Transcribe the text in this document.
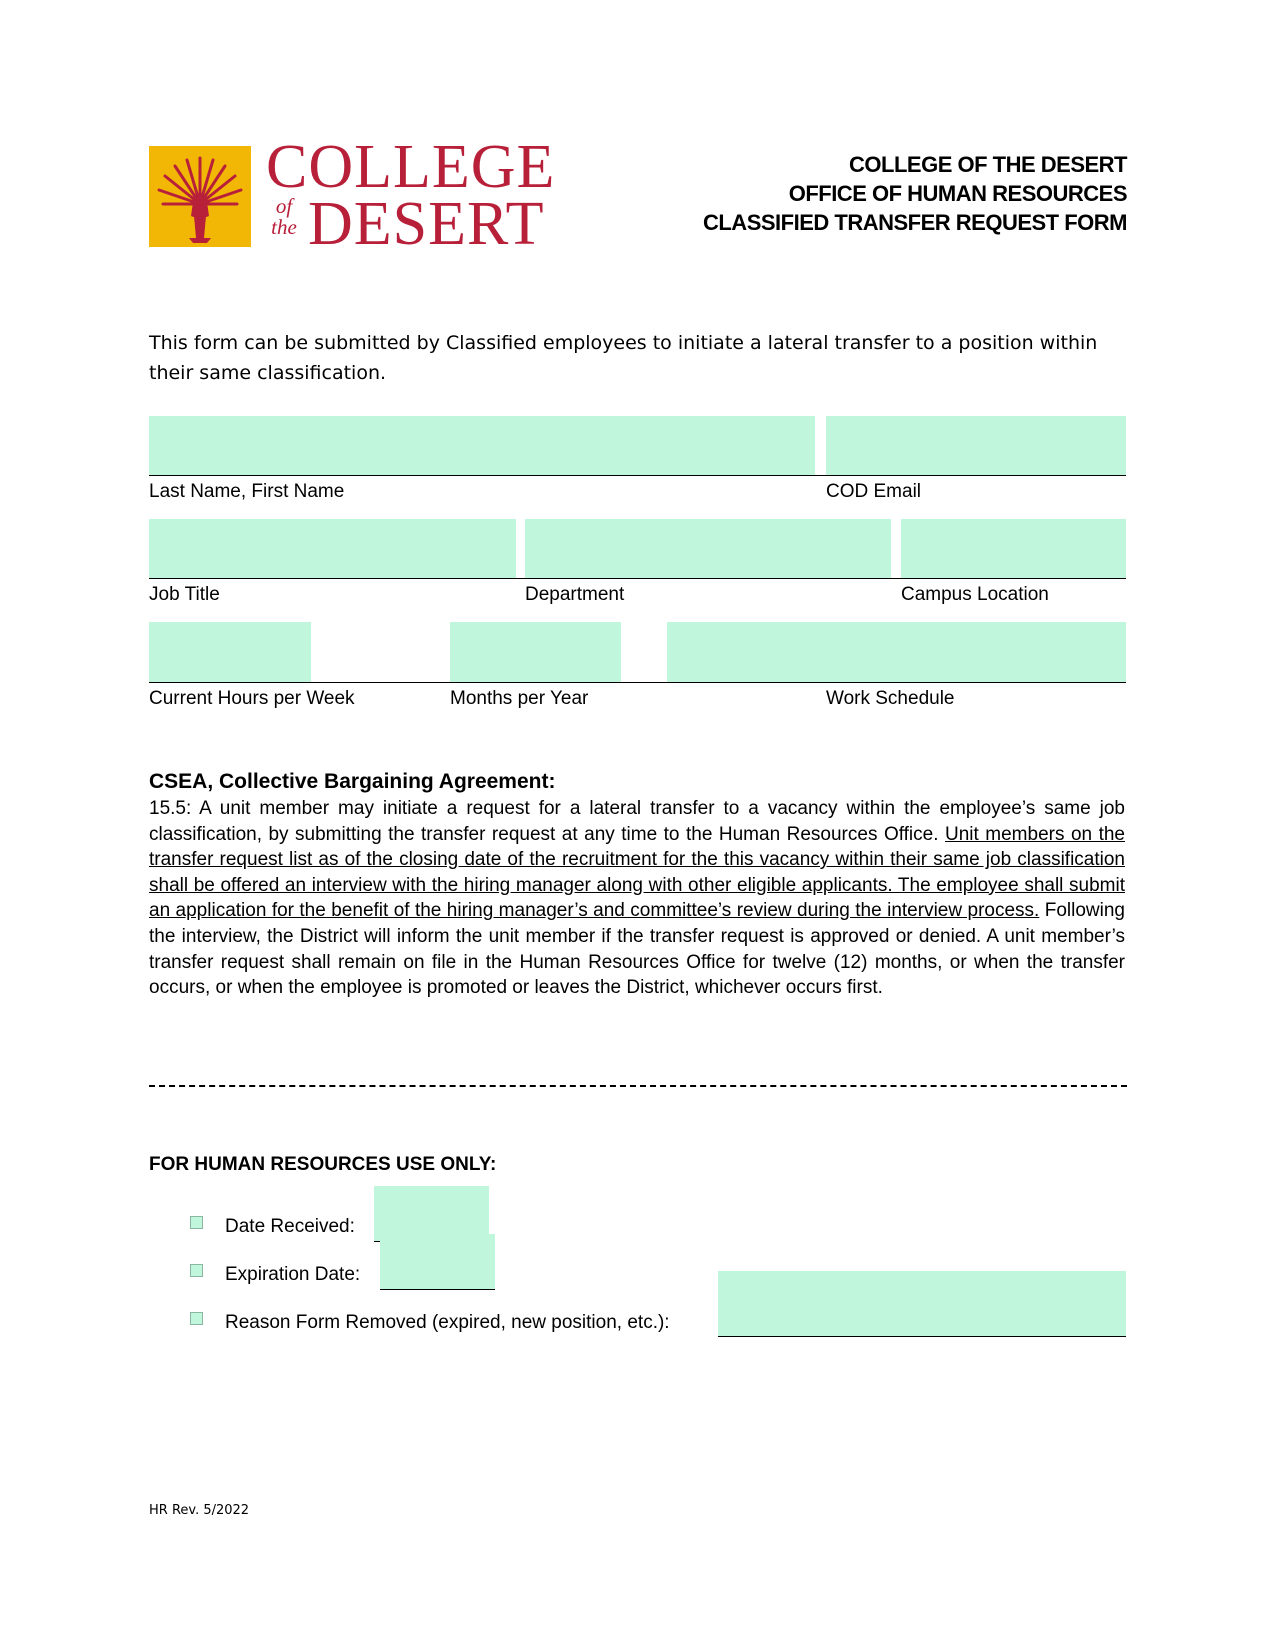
COLLEGE
of
the DESERT
COLLEGE OF THE DESERT
OFFICE OF HUMAN RESOURCES
CLASSIFIED TRANSFER REQUEST FORM
This form can be submitted by Classified employees to initiate a lateral transfer to a position within their same classification.
Last Name, First Name	COD Email
Job Title	Department	Campus Location
Current Hours per Week	Months per Year	Work Schedule
CSEA, Collective Bargaining Agreement:
15.5: A unit member may initiate a request for a lateral transfer to a vacancy within the employee’s same job classification, by submitting the transfer request at any time to the Human Resources Office. Unit members on the transfer request list as of the closing date of the recruitment for the this vacancy within their same job classification shall be offered an interview with the hiring manager along with other eligible applicants. The employee shall submit an application for the benefit of the hiring manager’s and committee’s review during the interview process. Following the interview, the District will inform the unit member if the transfer request is approved or denied. A unit member’s transfer request shall remain on file in the Human Resources Office for twelve (12) months, or when the transfer occurs, or when the employee is promoted or leaves the District, whichever occurs first.
FOR HUMAN RESOURCES USE ONLY:
Date Received:
Expiration Date:
Reason Form Removed (expired, new position, etc.):
HR Rev. 5/2022
